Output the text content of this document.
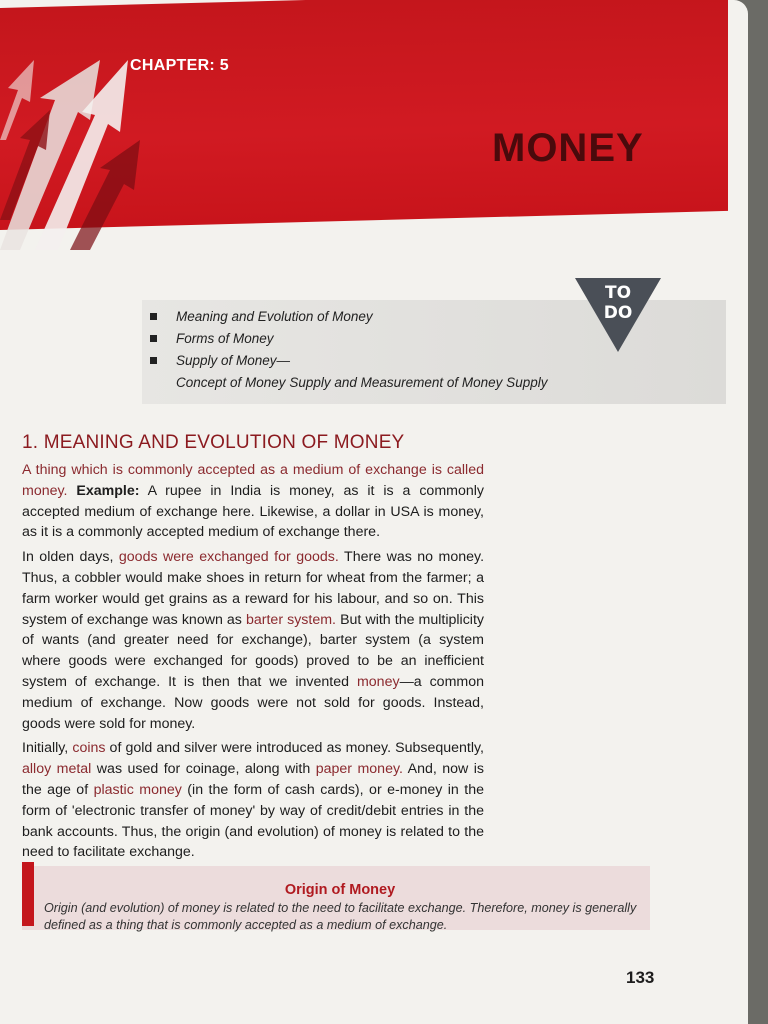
CHAPTER: 5
MONEY
Meaning and Evolution of Money
Forms of Money
Supply of Money—
Concept of Money Supply and Measurement of Money Supply
TO
DO
1. MEANING AND EVOLUTION OF MONEY

A thing which is commonly accepted as a medium of exchange is called money. Example: A rupee in India is money, as it is a commonly accepted medium of exchange here. Likewise, a dollar in USA is money, as it is a commonly accepted medium of exchange there.

In olden days, goods were exchanged for goods. There was no money. Thus, a cobbler would make shoes in return for wheat from the farmer; a farm worker would get grains as a reward for his labour, and so on. This system of exchange was known as barter system. But with the multiplicity of wants (and greater need for exchange), barter system (a system where goods were exchanged for goods) proved to be an inefficient system of exchange. It is then that we invented money—a common medium of exchange. Now goods were not sold for goods. Instead, goods were sold for money.

Initially, coins of gold and silver were introduced as money. Subsequently, alloy metal was used for coinage, along with paper money. And, now is the age of plastic money (in the form of cash cards), or e-money in the form of 'electronic transfer of money' by way of credit/debit entries in the bank accounts. Thus, the origin (and evolution) of money is related to the need to facilitate exchange.

Origin of Money
Origin (and evolution) of money is related to the need to facilitate exchange. Therefore, money is generally defined as a thing that is commonly accepted as a medium of exchange.
133
